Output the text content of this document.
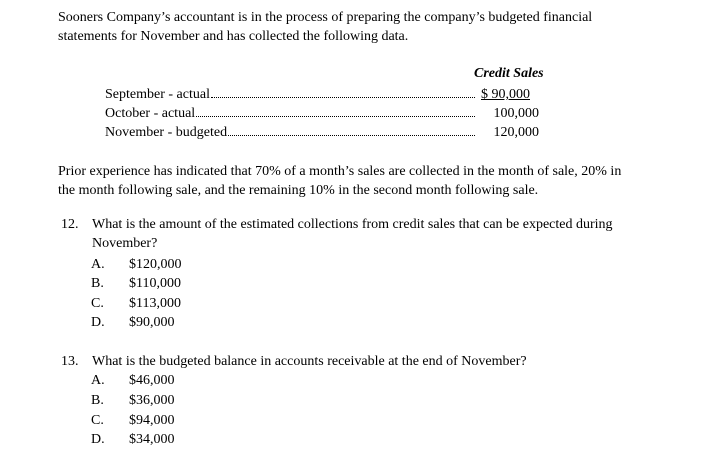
Sooners Company’s accountant is in the process of preparing the company’s budgeted financial
statements for November and has collected the following data.
Credit Sales
September - actual	$ 90,000
October - actual	100,000
November - budgeted	120,000
Prior experience has indicated that 70% of a month’s sales are collected in the month of sale, 20% in
the month following sale, and the remaining 10% in the second month following sale.
12. What is the amount of the estimated collections from credit sales that can be expected during
November?
A. $120,000
B. $110,000
C. $113,000
D. $90,000
13. What is the budgeted balance in accounts receivable at the end of November?
A. $46,000
B. $36,000
C. $94,000
D. $34,000
